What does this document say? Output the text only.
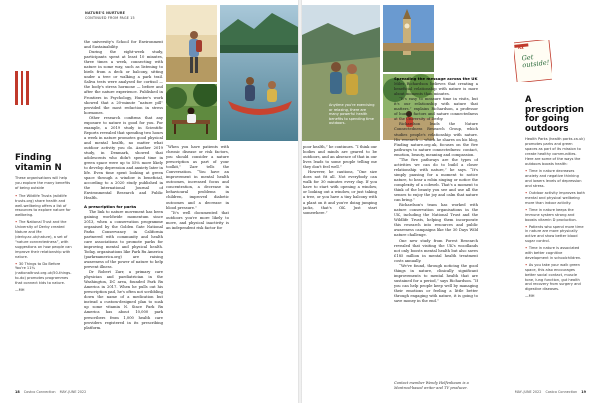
NATURE'S NURTURE
CONTINUED FROM PAGE 15
Finding
vitamin N
These organisations will help you explore the many benefits of being outside
• The Wildlife Trusts (wildlife trusts.org) share health and well-wellbeing offers a list of resources to explore nature for wellbeing.
• The National Trust and the University of Derby created Nature and Me (derby.ac.uk/nature), a set of “nature connectedness”, with suggestions on how people can improve their relationship with nature.
• 30 Things to Do Before You're 11¾ (nationaltrust.org.uk/50-things-to-do) promotes programmes that connect kids to nature.
—MH

the university's School for Environment and Sustainability.

During the eight-week study, participants spent at least 10 minutes, three times a week, connecting with nature in some way, such as listening to birds from a deck or balcony, sitting under a tree or walking a park trail. Saliva tests were analysed for cortisol — the body's stress hormone — before and after the nature experience. Published in Frontiers in Psychology, Hunter's work showed that a 20-minute “nature pill” provided the most reduction in stress hormones.

Other research confirms that any exposure to nature is good for you. For example, a 2019 study in Scientific Reports revealed that spending two hours a week in nature promotes good physical and mental health, no matter what outdoor activity you do. Another 2019 study, in Denmark, showed that adolescents who didn't spend time in green space were up to 55% more likely to develop depression and anxiety later in life. Even time spent looking at green space through a window is beneficial, according to a 2020 study published in the International Journal of Environmental Research and Public Health.

A prescription for parks

The link to nature movement has been gaining worldwide momentum since 2013, when a conservation programme organised by the Golden Gate National Parks Conservancy in California partnered with community and health care associations to promote parks for improving mental and physical health. Today, organisations like Park Rx America (parkrxamerica.org) are raising awareness of the power of nature to help prevent illness.

Dr Robert Zarr, a primary care physician and paediatrician in the Washington, DC area, founded Park Rx America in 2017. When he pulls out his prescription pad, he's often not scribbling down the name of a medication but instead a custom-designed plan to soak up some vitamin N. Since Park Rx America has about 10,000 park prescribers from 1,000 health care providers registered in its prescribing platform.

“When you have patients with chronic disease or risk factors, you should consider a nature prescription as part of your toolkit,” Zarr tells the Conversation. “You have an improvement in mental health outcomes, increased focus and concentration, a decrease in behavioural problems in children, improved diabetic outcomes and a decrease in blood pressure.”

“It's well documented that outdoors you're more likely to move, and physical inactivity is an independent risk factor for

18 Costco Connection MAY–JUNE 2022
Anytime you're exercising or relaxing, there are many powerful health benefits to spending time outdoors.

poor health,” he continues. “I think our bodies and minds are geared to be outdoors, and an absence of that in our lives leads to some people telling me they don't feel well.”

However, he cautions, “One size does not fit all. Not everybody can walk for 30 minutes every day. If you have to start with opening a window, or looking out a window, or just taking a tree, or you have a tiny balcony with a plant on it and you're doing jumping jacks, that's OK. Just start somewhere.”

Spreading the message across the UK

Miles Richardson believes that creating a beneficial relationship with nature is more about moments than minutes.

“It's easy to measure time in visits, but it's our relationship with nature that matters,” explains Richardson, a professor of human factors and nature connectedness at the University of Derby.

Richardson leads the Nature Connectedness Research Group, which studies people's relationship with nature. His research — which he shares on his blog, Finding nature.org.uk, focuses on the five pathways to nature connectedness: contact, emotion, beauty, meaning and compassion.

“The five pathways are the types of activities we can do to build a closer relationship with nature,” he says. “It's simply pausing for a moment to notice nature, to hear a robin singing or notice the complexity of a cobweb. That's a moment to think of the beauty you see and use all the senses to enjoy the joy and calm that nature can bring.”

Richardson's team has worked with nature conservation organisations in the UK, including the National Trust and the Wildlife Trusts, helping them incorporate this research into resources and public awareness campaigns like the 30 Days Wild nature challenge.

One new study from Forest Research revealed that visiting the UK's woodlands not only boosts mental health but also saves £185 million in mental health treatment costs annually.

“We've found, through noticing the good things in nature, clinically significant improvements to mental health that are sustained for a period,” says Richardson. “If you can help people keep well by managing their emotions or feeling a little better through engaging with nature, it is going to save money in the end.”

Contact member Wendy Helfenbaum is a Montreal-based writer and TV producer.
Rx
Get outside!
A prescription
for going
outdoors
Health Parks (health parks.ca.uk) promotes parks and green spaces as part of its mission to create healthy communities. Here are some of the ways the outdoors boosts health:
• Time in nature decreases anxiety and negative thinking and lowers levels of depression and stress.
• Outdoor activity improves both mental and physical wellbeing more than indoor activity.
• Time in nature keeps the immune system strong and boosts vitamin D production.
• Patients who spend more time in nature are more physically active and show better blood sugar control.
• Time in nature is associated with better cognitive development in schoolchildren.
• As you take your walk green space, this also encourages better social contact, muscle tone, lung function, gut health and recovery from surgery and digestive diseases.
—MH
MAY–JUNE 2022 Costco Connection 19
